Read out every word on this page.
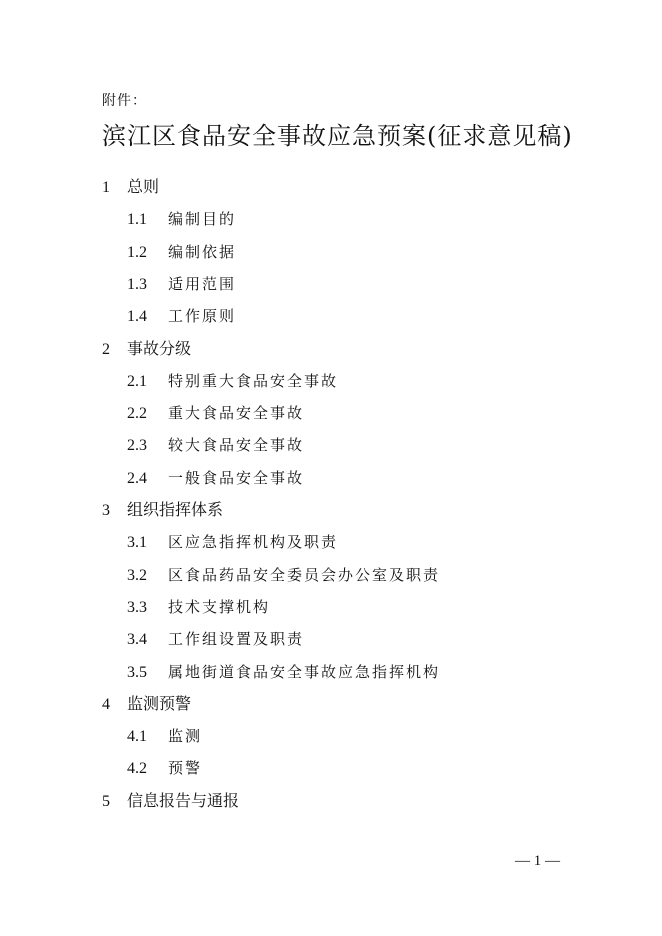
附件：
滨江区食品安全事故应急预案(征求意见稿)
1	总则
1.1	编制目的
1.2	编制依据
1.3	适用范围
1.4	工作原则
2	事故分级
2.1	特别重大食品安全事故
2.2	重大食品安全事故
2.3	较大食品安全事故
2.4	一般食品安全事故
3	组织指挥体系
3.1	区应急指挥机构及职责
3.2	区食品药品安全委员会办公室及职责
3.3	技术支撑机构
3.4	工作组设置及职责
3.5	属地街道食品安全事故应急指挥机构
4	监测预警
4.1	监测
4.2	预警
5	信息报告与通报
— 1 —
